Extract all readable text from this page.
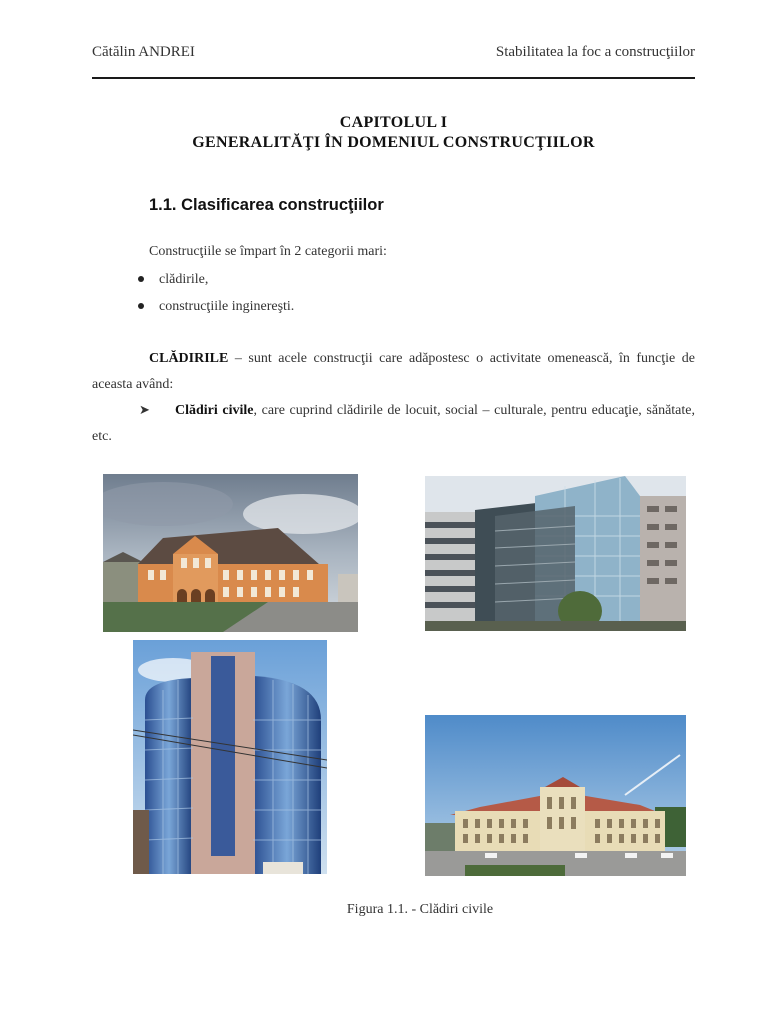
Cătălin ANDREI	Stabilitatea la foc a construcţiilor
CAPITOLUL I
GENERALITĂŢI ÎN DOMENIUL CONSTRUCŢIILOR
1.1. Clasificarea construcţiilor
Construcţiile se împart în 2 categorii mari:
clădirile,
construcţiile inginereşti.
CLĂDIRILE – sunt acele construcţii care adăpostesc o activitate omenească, în funcţie de aceasta având:
➤ Clădiri civile, care cuprind clădirile de locuit, social – culturale, pentru educaţie, sănătate, etc.
Figura 1.1. - Clădiri civile
